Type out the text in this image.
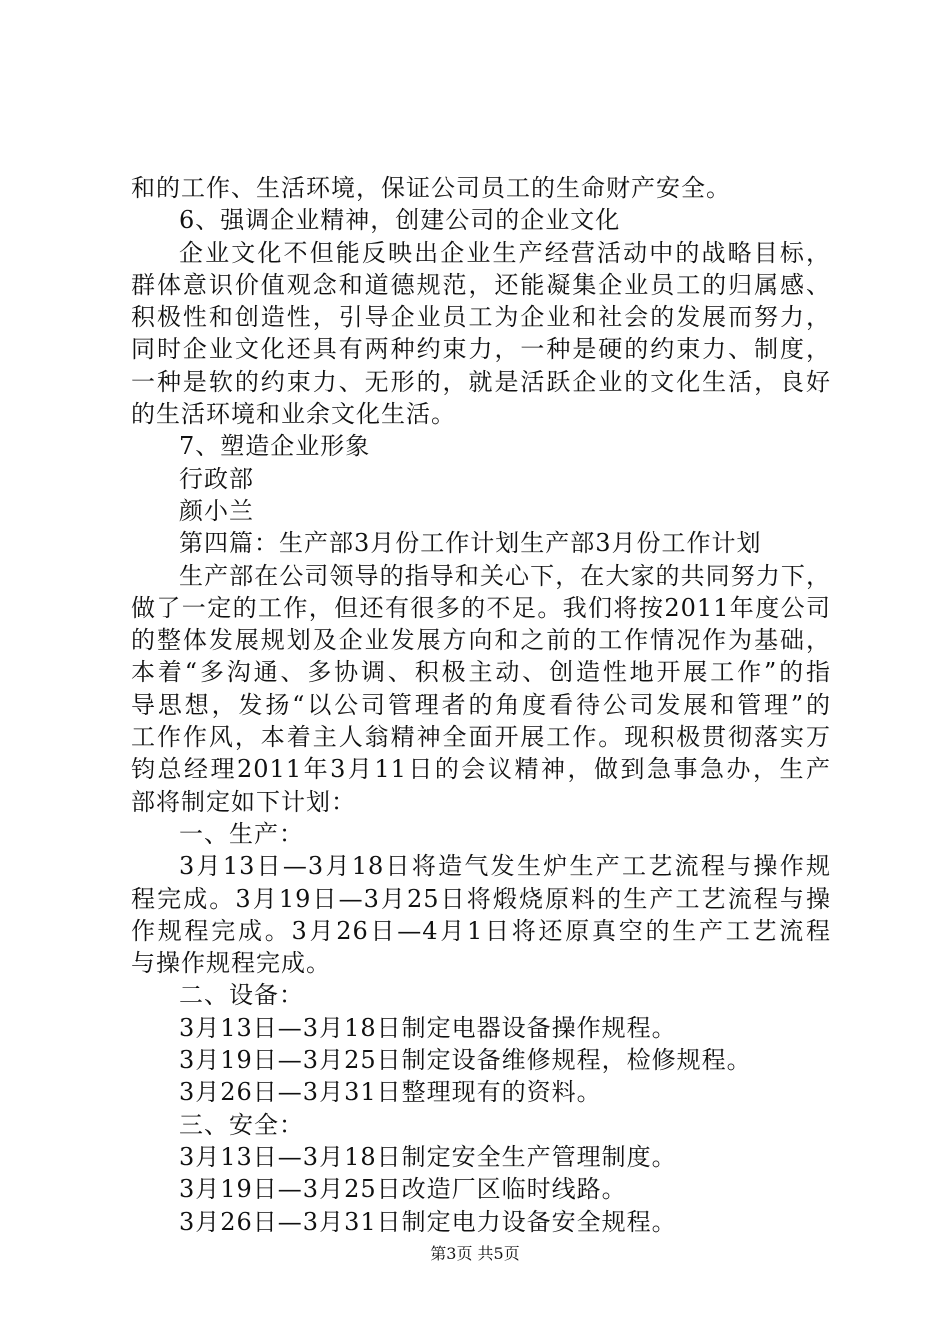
和的工作、生活环境，保证公司员工的生命财产安全。
6、强调企业精神，创建公司的企业文化
企业文化不但能反映出企业生产经营活动中的战略目标，
群体意识价值观念和道德规范，还能凝集企业员工的归属感、
积极性和创造性，引导企业员工为企业和社会的发展而努力，
同时企业文化还具有两种约束力，一种是硬的约束力、制度，
一种是软的约束力、无形的，就是活跃企业的文化生活，良好
的生活环境和业余文化生活。
7、塑造企业形象
行政部
颜小兰
第四篇：生产部3月份工作计划生产部3月份工作计划
生产部在公司领导的指导和关心下，在大家的共同努力下，
做了一定的工作，但还有很多的不足。我们将按2011年度公司
的整体发展规划及企业发展方向和之前的工作情况作为基础，
本着“多沟通、多协调、积极主动、创造性地开展工作”的指
导思想，发扬“以公司管理者的角度看待公司发展和管理”的
工作作风，本着主人翁精神全面开展工作。现积极贯彻落实万
钧总经理2011年3月11日的会议精神，做到急事急办，生产
部将制定如下计划：
一、生产：
3月13日—3月18日将造气发生炉生产工艺流程与操作规
程完成。3月19日—3月25日将煅烧原料的生产工艺流程与操
作规程完成。3月26日—4月1日将还原真空的生产工艺流程
与操作规程完成。
二、设备：
3月13日—3月18日制定电器设备操作规程。
3月19日—3月25日制定设备维修规程，检修规程。
3月26日—3月31日整理现有的资料。
三、安全：
3月13日—3月18日制定安全生产管理制度。
3月19日—3月25日改造厂区临时线路。
3月26日—3月31日制定电力设备安全规程。
第3页 共5页
